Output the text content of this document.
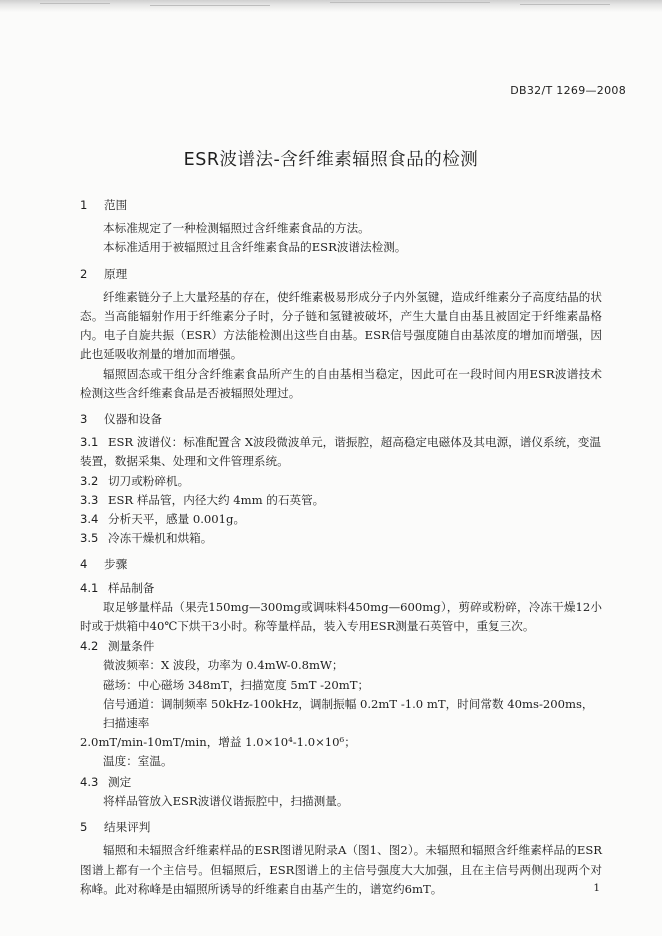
DB32/T 1269—2008
ESR波谱法-含纤维素辐照食品的检测
1 范围

本标准规定了一种检测辐照过含纤维素食品的方法。

本标准适用于被辐照过且含纤维素食品的ESR波谱法检测。

2 原理

纤维素链分子上大量羟基的存在，使纤维素极易形成分子内外氢键，造成纤维素分子高度结晶的状态。当高能辐射作用于纤维素分子时，分子链和氢键被破坏，产生大量自由基且被固定于纤维素晶格内。电子自旋共振（ESR）方法能检测出这些自由基。ESR信号强度随自由基浓度的增加而增强，因此也延吸收剂量的增加而增强。

辐照固态或干组分含纤维素食品所产生的自由基相当稳定，因此可在一段时间内用ESR波谱技术检测这些含纤维素食品是否被辐照处理过。

3 仪器和设备

3.1 ESR 波谱仪：标准配置含 X波段微波单元，谐振腔，超高稳定电磁体及其电源，谱仪系统，变温装置，数据采集、处理和文件管理系统。

3.2 切刀或粉碎机。

3.3 ESR 样品管，内径大约 4mm 的石英管。

3.4 分析天平，感量 0.001g。

3.5 冷冻干燥机和烘箱。

4 步骤
4.1 样品制备

取足够量样品（果壳150mg—300mg或调味料450mg—600mg），剪碎或粉碎，冷冻干燥12小时或于烘箱中40℃下烘干3小时。称等量样品，装入专用ESR测量石英管中，重复三次。

4.2 测量条件
微波频率：X 波段，功率为 0.4mW-0.8mW；
磁场：中心磁场 348mT，扫描宽度 5mT -20mT；
信号通道：调制频率 50kHz-100kHz，调制振幅 0.2mT -1.0 mT，时间常数 40ms-200ms，扫描速率
2.0mT/min-10mT/min，增益 1.0×10⁴-1.0×10⁶；
温度：室温。
4.3 测定

将样品管放入ESR波谱仪谐振腔中，扫描测量。

5 结果评判

辐照和未辐照含纤维素样品的ESR图谱见附录A（图1、图2）。未辐照和辐照含纤维素样品的ESR图谱上都有一个主信号。但辐照后，ESR图谱上的主信号强度大大加强，且在主信号两侧出现两个对称峰。此对称峰是由辐照所诱导的纤维素自由基产生的，谱宽约6mT。	1
